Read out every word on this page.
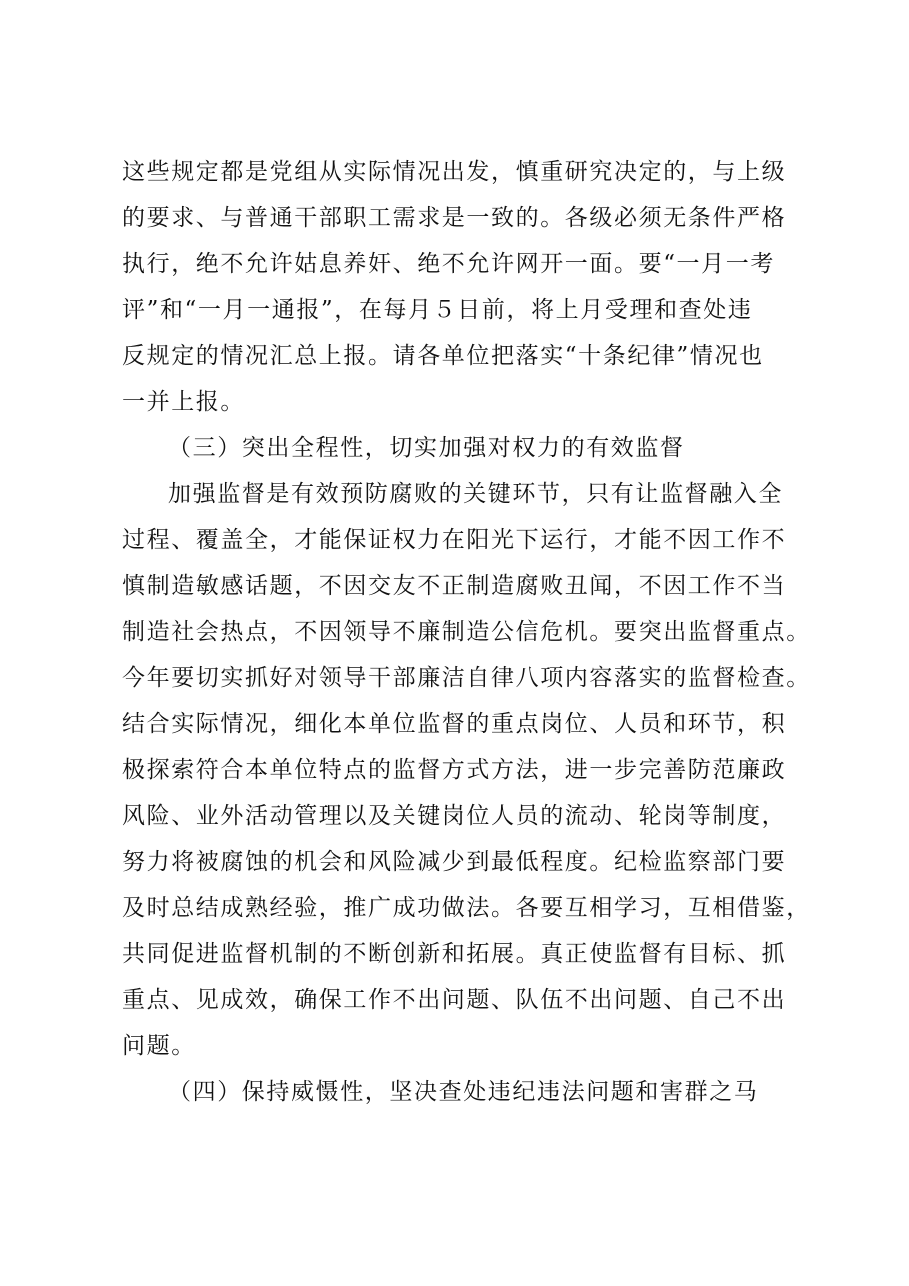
这些规定都是党组从实际情况出发，慎重研究决定的，与上级
的要求、与普通干部职工需求是一致的。各级必须无条件严格
执行，绝不允许姑息养奸、绝不允许网开一面。要“一月一考
评”和“一月一通报”，在每月５日前，将上月受理和查处违
反规定的情况汇总上报。请各单位把落实“十条纪律”情况也
一并上报。
（三）突出全程性，切实加强对权力的有效监督
加强监督是有效预防腐败的关键环节，只有让监督融入全
过程、覆盖全，才能保证权力在阳光下运行，才能不因工作不
慎制造敏感话题，不因交友不正制造腐败丑闻，不因工作不当
制造社会热点，不因领导不廉制造公信危机。要突出监督重点。
今年要切实抓好对领导干部廉洁自律八项内容落实的监督检查。
结合实际情况，细化本单位监督的重点岗位、人员和环节，积
极探索符合本单位特点的监督方式方法，进一步完善防范廉政
风险、业外活动管理以及关键岗位人员的流动、轮岗等制度，
努力将被腐蚀的机会和风险减少到最低程度。纪检监察部门要
及时总结成熟经验，推广成功做法。各要互相学习，互相借鉴，
共同促进监督机制的不断创新和拓展。真正使监督有目标、抓
重点、见成效，确保工作不出问题、队伍不出问题、自己不出
问题。
（四）保持威慑性，坚决查处违纪违法问题和害群之马
